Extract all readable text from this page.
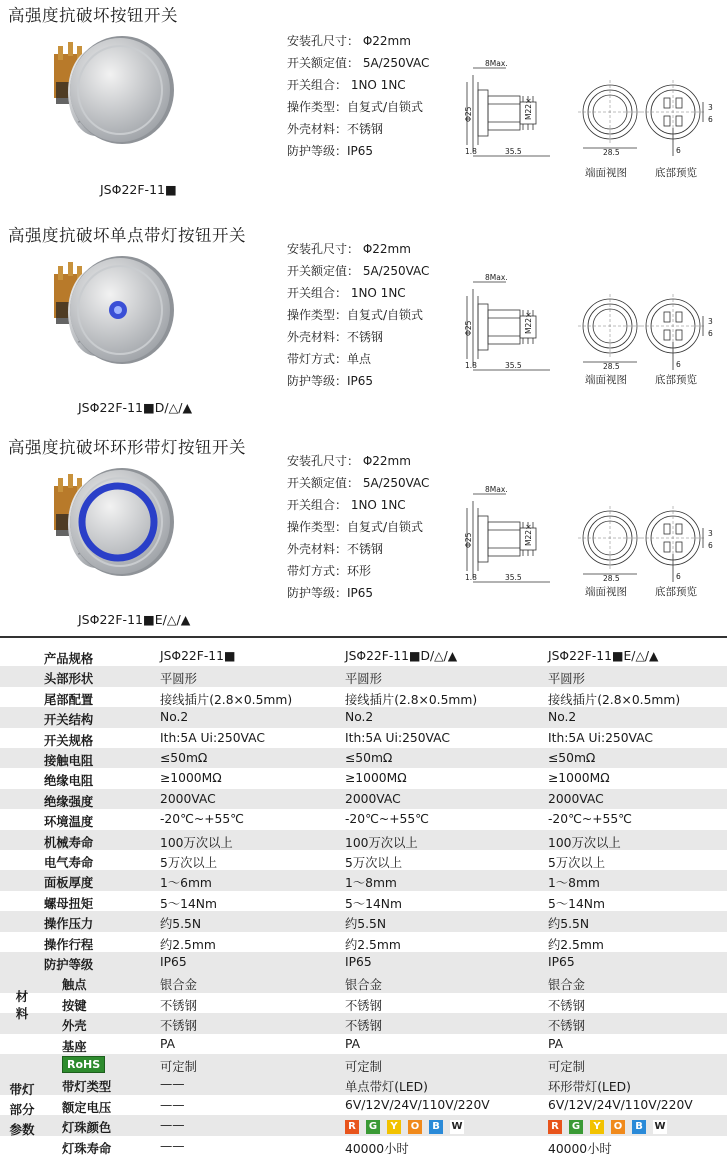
高强度抗破坏按钮开关
JSΦ22F-11■
安装孔尺寸： Φ22mm
开关额定值： 5A/250VAC
开关组合： 1NO 1NC
操作类型：自复式/自锁式
外壳材料：不锈钢
防护等级：IP65
8Max.
Φ25	M22×
1.8	35.5	28.5
3
6
6
端面视图	底部预览
高强度抗破坏单点带灯按钮开关
JSΦ22F-11■D/△/▲
安装孔尺寸： Φ22mm
开关额定值： 5A/250VAC
开关组合： 1NO 1NC
操作类型：自复式/自锁式
外壳材料：不锈钢
带灯方式：单点
防护等级：IP65
8Max.
Φ25	M22×
1.8	35.5	28.5
3
6
6
端面视图	底部预览
高强度抗破坏环形带灯按钮开关
JSΦ22F-11■E/△/▲
安装孔尺寸： Φ22mm
开关额定值： 5A/250VAC
开关组合： 1NO 1NC
操作类型：自复式/自锁式
外壳材料：不锈钢
带灯方式：环形
防护等级：IP65
8Max.
Φ25	M22×
1.8	35.5	28.5
3
6
6
端面视图	底部预览
产品规格	JSΦ22F-11■	JSΦ22F-11■D/△/▲	JSΦ22F-11■E/△/▲
头部形状	平圆形	平圆形	平圆形
尾部配置	接线插片(2.8×0.5mm)	接线插片(2.8×0.5mm)	接线插片(2.8×0.5mm)
开关结构	No.2	No.2	No.2
开关规格	Ith:5A Ui:250VAC	Ith:5A Ui:250VAC	Ith:5A Ui:250VAC
接触电阻	≤50mΩ	≤50mΩ	≤50mΩ
绝缘电阻	≥1000MΩ	≥1000MΩ	≥1000MΩ
绝缘强度	2000VAC	2000VAC	2000VAC
环境温度	-20℃~+55℃	-20℃~+55℃	-20℃~+55℃
机械寿命	100万次以上	100万次以上	100万次以上
电气寿命	5万次以上	5万次以上	5万次以上
面板厚度	1～6mm	1～8mm	1～8mm
螺母扭矩	5～14Nm	5～14Nm	5～14Nm
操作压力	约5.5N	约5.5N	约5.5N
操作行程	约2.5mm	约2.5mm	约2.5mm
防护等级	IP65	IP65	IP65
触点	银合金	银合金	银合金
按键	不锈钢	不锈钢	不锈钢
外壳	不锈钢	不锈钢	不锈钢
基座	PA	PA	PA
RoHS	可定制	可定制	可定制
带灯类型	——	单点带灯(LED)	环形带灯(LED)
额定电压	——	6V/12V/24V/110V/220V	6V/12V/24V/110V/220V
灯珠颜色	——	R G Y O B W	R G Y O B W
灯珠寿命	——	40000小时	40000小时
材
料
带灯
部分
参数
